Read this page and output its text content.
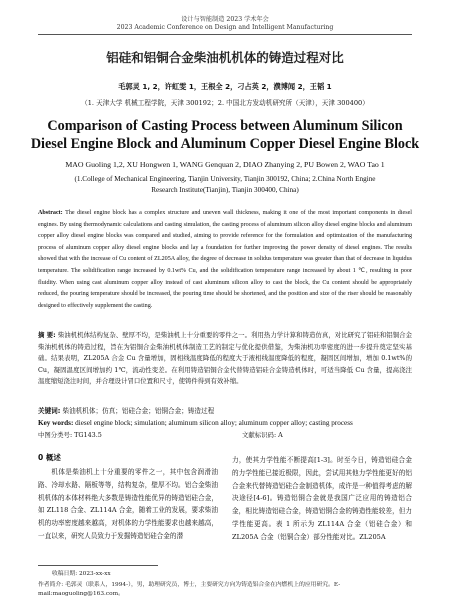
设计与智能制造 2023 学术年会
2023 Academic Conference on Design and Intelligent Manufacturing
铝硅和铝铜合金柴油机机体的铸造过程对比
毛郭灵 1, 2，许虹雯 1，王根全 2，刁占英 2，濮博闻 2，王韬 1
（1. 天津大学 机械工程学院，天津 300192；2. 中国北方发动机研究所（天津），天津 300400）
Comparison of Casting Process between Aluminum Silicon Diesel Engine Block and Aluminum Copper Diesel Engine Block
MAO Guoling 1,2, XU Hongwen 1, WANG Genquan 2, DIAO Zhanying 2, PU Bowen 2, WAO Tao 1
(1.College of Mechanical Engineering, Tianjin University, Tianjin 300192, China; 2.China North Engine Research Institute(Tianjin), Tianjin 300400, China)
Abstract: The diesel engine block has a complex structure and uneven wall thickness, making it one of the most important components in diesel engines. By using thermodynamic calculations and casting simulation, the casting process of aluminum silicon alloy diesel engine blocks and aluminum copper alloy diesel engine blocks was compared and studied, aiming to provide reference for the formulation and optimization of the manufacturing process of aluminum copper alloy diesel engine blocks and lay a foundation for further improving the power density of diesel engines. The results showed that with the increase of Cu content of ZL205A alloy, the degree of decrease in solidus temperature was greater than that of decrease in liquidus temperature. The solidification range increased by 0.1wt% Cu, and the solidification temperature range increased by about 1 ℃, resulting in poor fluidity. When using cast aluminum copper alloy instead of cast aluminum silicon alloy to cast the block, the Cu content should be appropriately reduced, the pouring temperature should be increased, the pouring time should be shortened, and the position and size of the riser should be reasonably designed to effectively supplement the casting.
摘 要: 柴油机机体结构复杂、壁厚不均，是柴油机上十分重要的零件之一。利用热力学计算和铸造仿真，对比研究了铝硅和铝铜合金柴油机机体的铸造过程，旨在为铝铜合金柴油机机体制造工艺的制定与优化提供借鉴，为柴油机功率密度的进一步提升奠定坚实基础。结果表明，ZL205A 合金 Cu 含量增加，固相线温度降低的程度大于液相线温度降低的程度，凝固区间增加，增加 0.1wt%的 Cu，凝固温度区间增加约 1℃，流动性变差。在利用铸造铝铜合金代替铸造铝硅合金铸造机体时，可适当降低 Cu 含量，提高浇注温度缩短浇注时间，并合理设计冒口位置和尺寸，使铸件得到有效补缩。
关键词: 柴油机机体；仿真；铝硅合金；铝铜合金；铸造过程
Key words: diesel engine block; simulation; aluminum silicon alloy; aluminum copper alloy; casting process
中图分类号: TG143.5	文献标识码: A
0 概述
机体是柴油机上十分重要的零件之一，其中包含润滑油路、冷却水路、隔板等等，结构复杂，壁厚不均。铝合金柴油机机体的本体材料绝大多数是铸造性能优异的铸造铝硅合金，如 ZL118 合金、ZL114A 合金，随着工业的发展，要求柴油机的功率密度越来越高，对机体的力学性能要求也越来越高，一直以来，研究人员致力于发掘铸造铝硅合金的潜
力，使其力学性能不断提高[1-3]。时至今日，铸造铝硅合金的力学性能已接近极限，因此，尝试用其他力学性能更好的铝合金来代替铸造铝硅合金制造机体，成许是一种值得考虑的解决途径[4-6]。铸造铝铜合金就是我国广泛应用的铸造铝合金，相比铸造铝硅合金，铸造铝铜合金的铸造性能较差，但力学性能更高。表 1 所示为 ZL114A 合金（铝硅合金）和 ZL205A 合金（铝铜合金）部分性能对比。ZL205A
收稿日期: 2023-xx-xx
作者简介: 毛郭灵（联系人，1994-），男，助理研究员，博士，主要研究方向为铸造铝合金在内燃机上的应用研究。E-mail:maoguoling@163.com。
